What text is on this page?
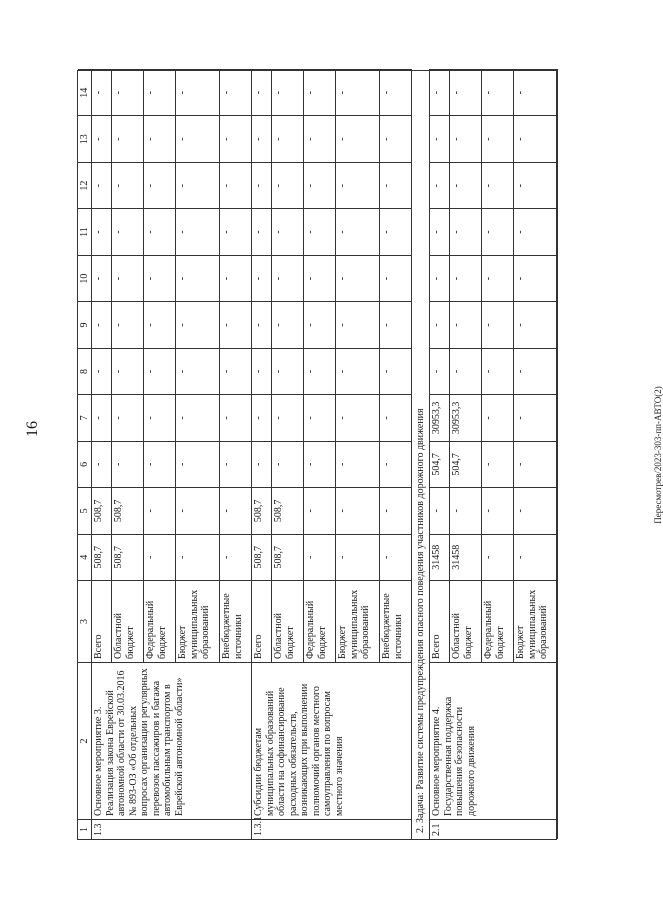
16	Пересмотрев/2023-303-пп-АВТО(2)
1
2
3
4
5
6
7
8
9
10
11
12
13
14
1.3
Основное мероприятие 3. Реализация закона Еврейской автономной области от 30.03.2016 № 893-ОЗ «Об отдельных вопросах организации регулярных перевозок пассажиров и багажа автомобильным транспортом в Еврейской автономной области»
Всего
508,7
508,7
-
-
-
-
-
-
-
-
-
Областной бюджет
508,7
508,7
-
-
-
-
-
-
-
-
-
Федеральный бюджет
-
-
-
-
-
-
-
-
-
-
-
Бюджет муниципальных образований
-
-
-
-
-
-
-
-
-
-
-
Внебюджетные источники
-
-
-
-
-
-
-
-
-
-
-
1.3.1
Субсидии бюджетам муниципальных образований области на софинансирование расходных обязательств, возникающих при выполнении полномочий органов местного самоуправления по вопросам местного значения
Всего
508,7
508,7
-
-
-
-
-
-
-
-
-
Областной бюджет
508,7
508,7
-
-
-
-
-
-
-
-
-
Федеральный бюджет
-
-
-
-
-
-
-
-
-
-
-
Бюджет муниципальных образований
-
-
-
-
-
-
-
-
-
-
-
Внебюджетные источники
-
-
-
-
-
-
-
-
-
-
-
2. Задача: Развитие системы предупреждения опасного поведения участников дорожного движения 2.1
Основное мероприятие 4. Государственная поддержка повышения безопасности дорожного движения
Всего
31458
-
504,7
30953,3
-
-
-
-
-
-
-
Областной бюджет
31458
-
504,7
30953,3
-
-
-
-
-
-
-
Федеральный бюджет
-
-
-
-
-
-
-
-
-
-
-
Бюджет муниципальных образований
-
-
-
-
-
-
-
-
-
-
-
